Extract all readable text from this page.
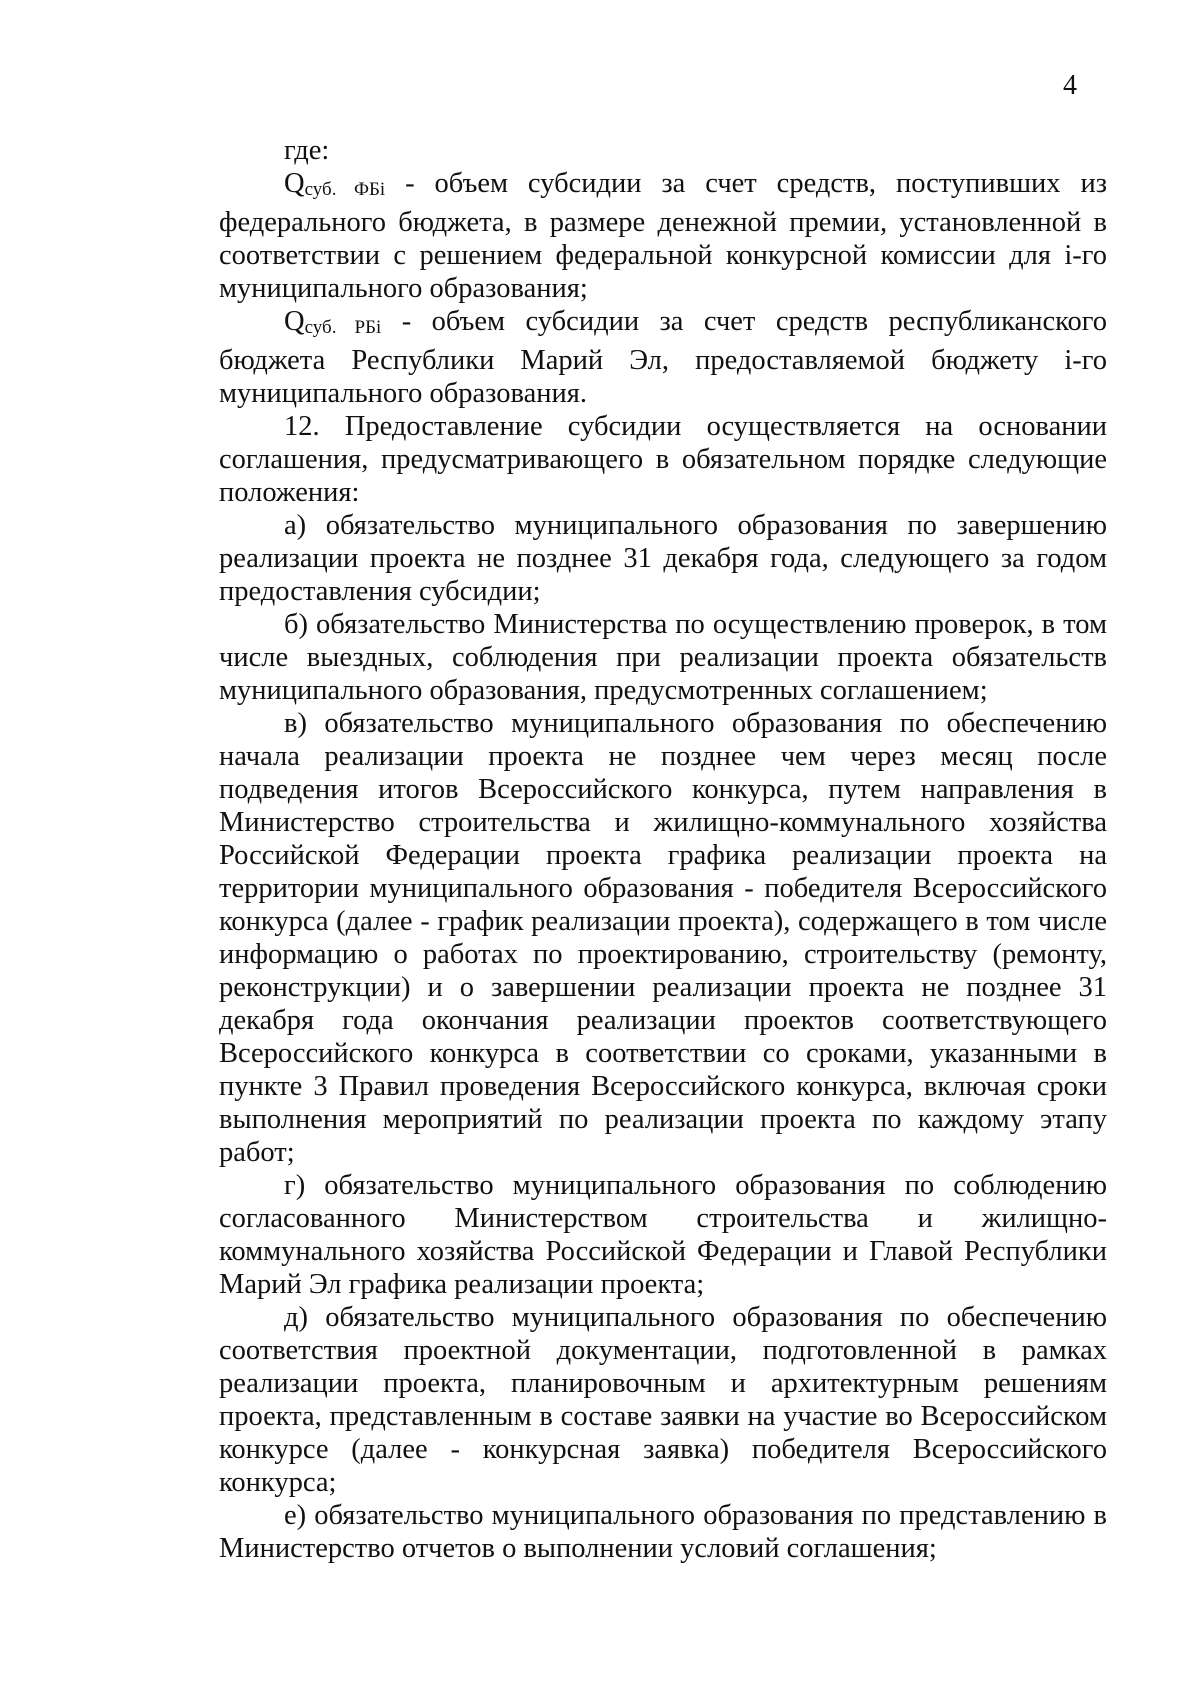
4

где:

Qсуб. ФБi - объем субсидии за счет средств, поступивших из федерального бюджета, в размере денежной премии, установленной в соответствии с решением федеральной конкурсной комиссии для i-го муниципального образования;

Qсуб. РБi - объем субсидии за счет средств республиканского бюджета Республики Марий Эл, предоставляемой бюджету i-го муниципального образования.

12. Предоставление субсидии осуществляется на основании соглашения, предусматривающего в обязательном порядке следующие положения:

а) обязательство муниципального образования по завершению реализации проекта не позднее 31 декабря года, следующего за годом предоставления субсидии;

б) обязательство Министерства по осуществлению проверок, в том числе выездных, соблюдения при реализации проекта обязательств муниципального образования, предусмотренных соглашением;

в) обязательство муниципального образования по обеспечению начала реализации проекта не позднее чем через месяц после подведения итогов Всероссийского конкурса, путем направления в Министерство строительства и жилищно-коммунального хозяйства Российской Федерации проекта графика реализации проекта на территории муниципального образования - победителя Всероссийского конкурса (далее - график реализации проекта), содержащего в том числе информацию о работах по проектированию, строительству (ремонту, реконструкции) и о завершении реализации проекта не позднее 31 декабря года окончания реализации проектов соответствующего Всероссийского конкурса в соответствии со сроками, указанными в пункте 3 Правил проведения Всероссийского конкурса, включая сроки выполнения мероприятий по реализации проекта по каждому этапу работ;

г) обязательство муниципального образования по соблюдению согласованного Министерством строительства и жилищно-коммунального хозяйства Российской Федерации и Главой Республики Марий Эл графика реализации проекта;

д) обязательство муниципального образования по обеспечению соответствия проектной документации, подготовленной в рамках реализации проекта, планировочным и архитектурным решениям проекта, представленным в составе заявки на участие во Всероссийском конкурсе (далее - конкурсная заявка) победителя Всероссийского конкурса;

е) обязательство муниципального образования по представлению в Министерство отчетов о выполнении условий соглашения;
